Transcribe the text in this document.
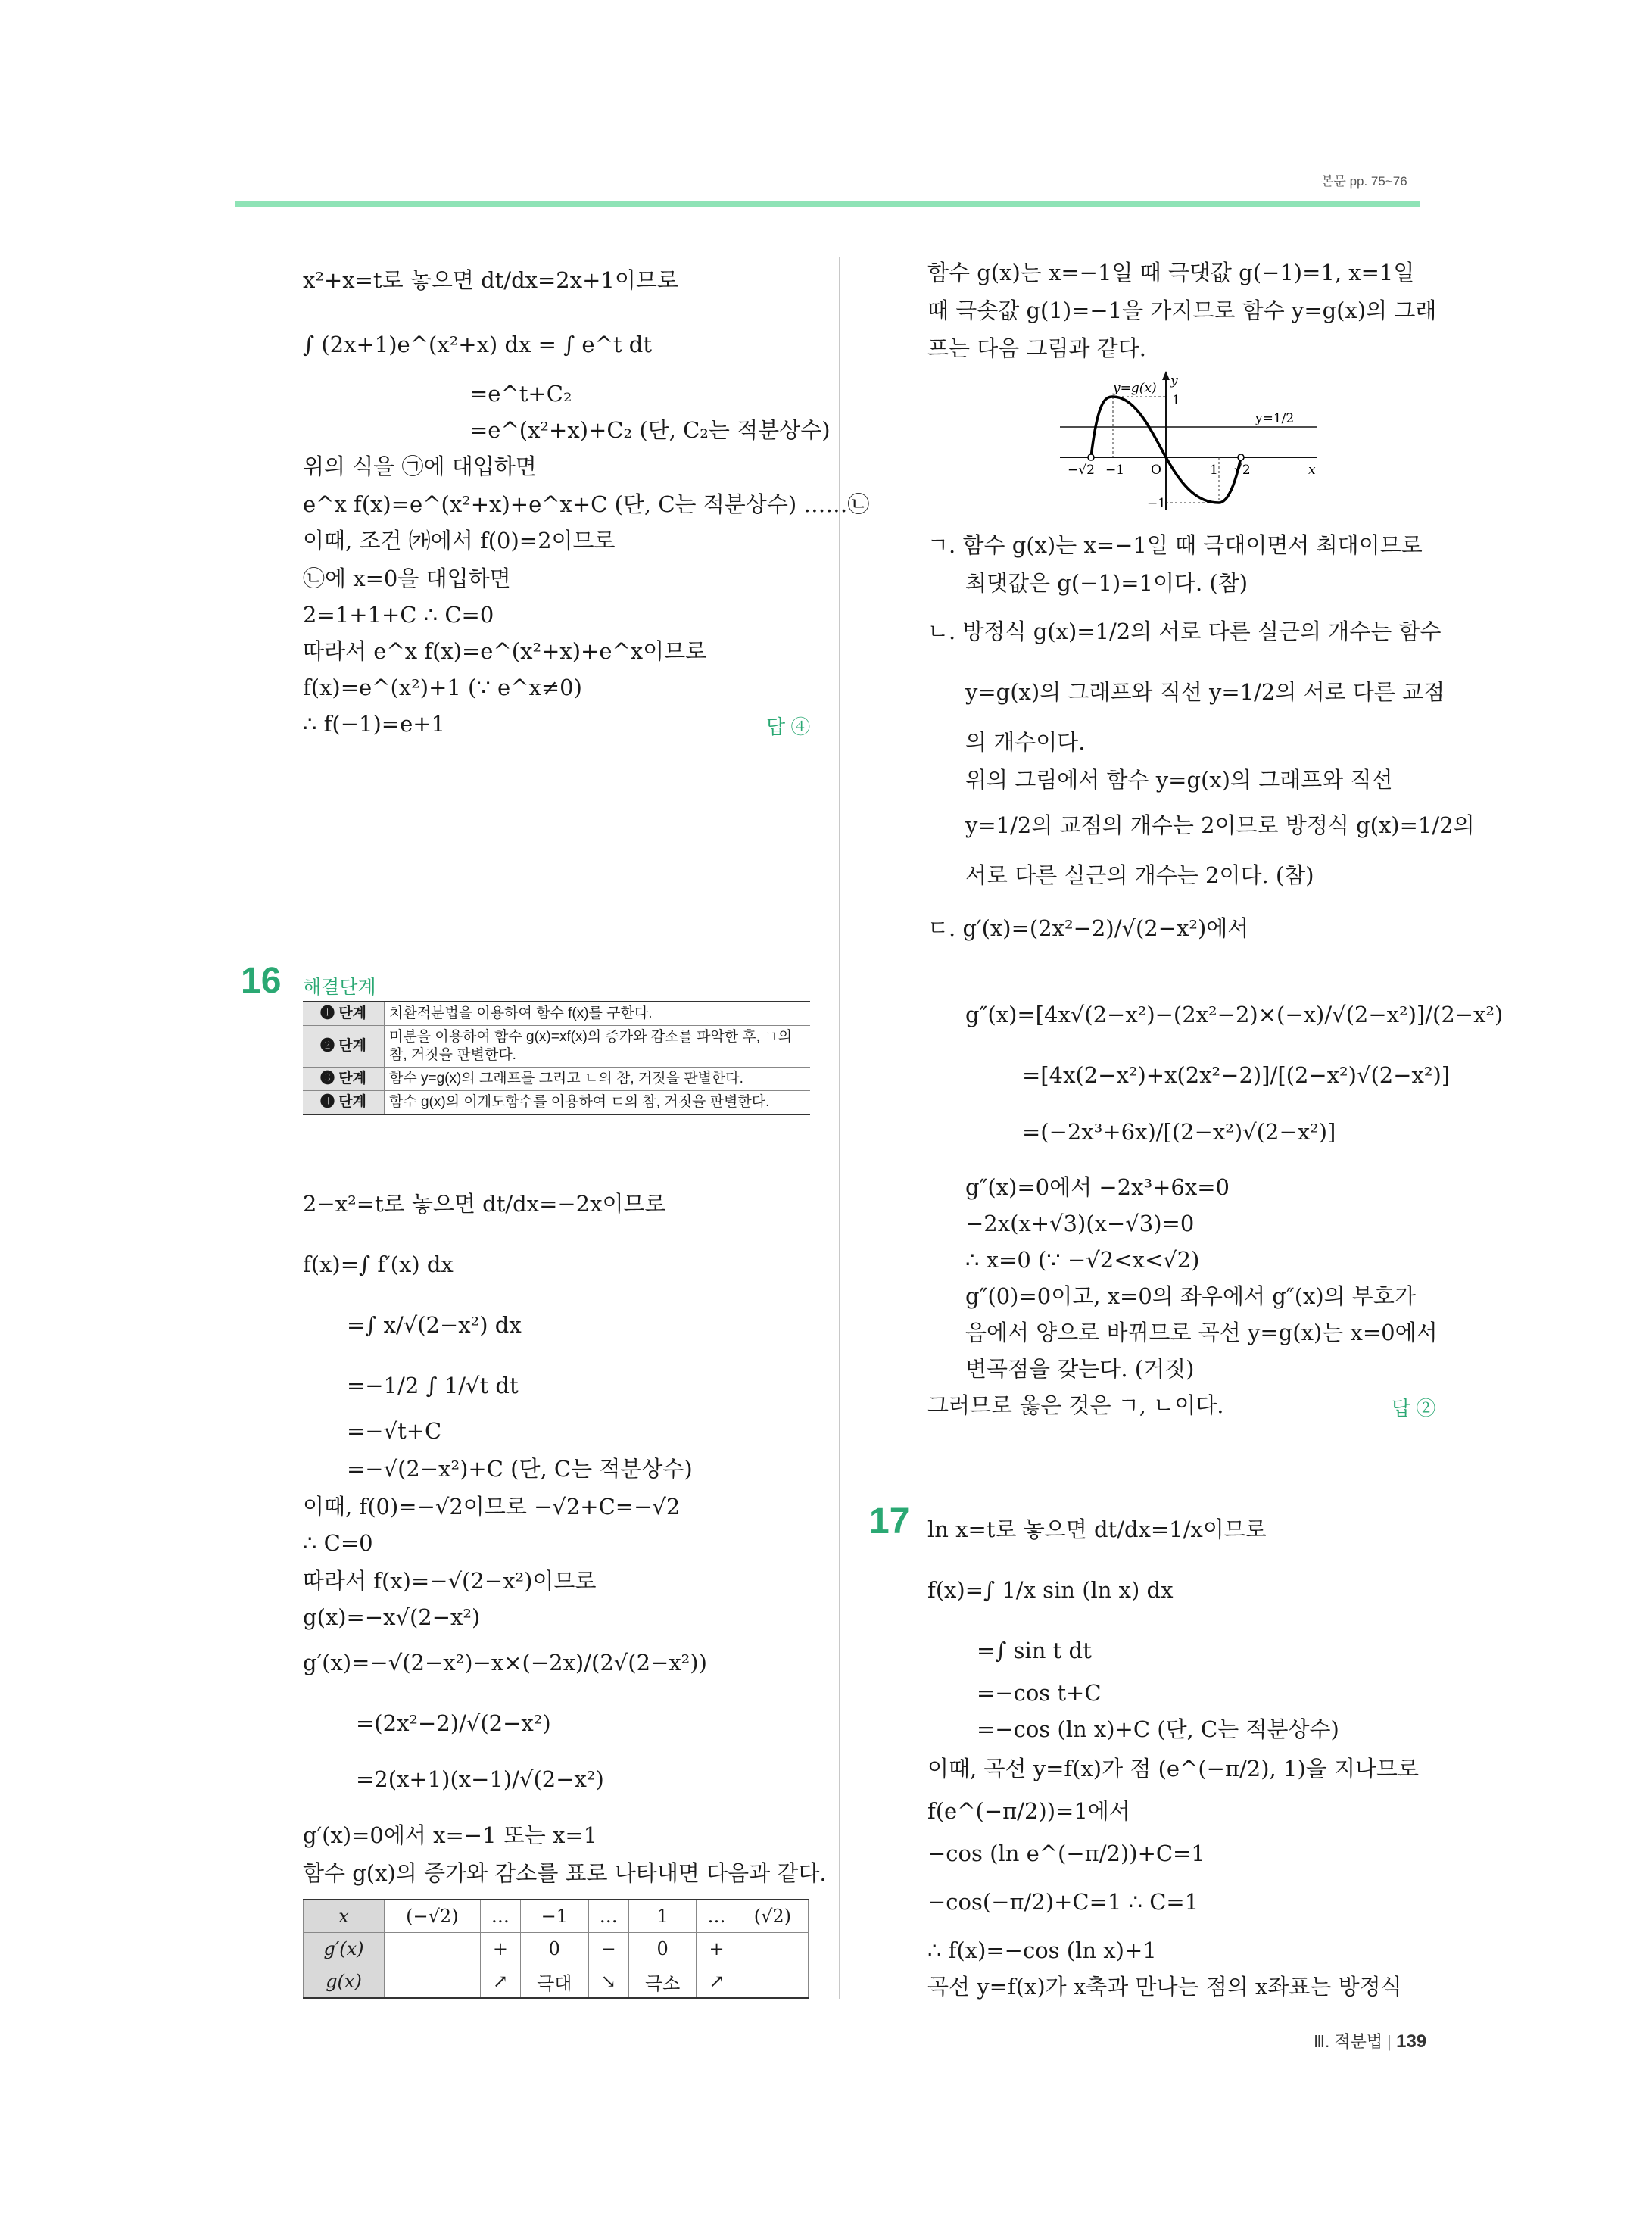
본문 pp. 75~76
x²+x=t로 놓으면 dt/dx=2x+1이므로
∫ (2x+1)e^(x²+x) dx = ∫ e^t dt
=e^t+C₂
=e^(x²+x)+C₂ (단, C₂는 적분상수)
위의 식을 ㉠에 대입하면
e^x f(x)=e^(x²+x)+e^x+C (단, C는 적분상수) ……㉡
이때, 조건 ㈎에서 f(0)=2이므로
㉡에 x=0을 대입하면
2=1+1+C ∴ C=0
따라서 e^x f(x)=e^(x²+x)+e^x이므로
f(x)=e^(x²)+1 (∵ e^x≠0)
∴ f(−1)=e+1	답 ④
16 해결단계
❶ 단계	치환적분법을 이용하여 함수 f(x)를 구한다.
❷ 단계	미분을 이용하여 함수 g(x)=xf(x)의 증가와 감소를 파악한 후, ㄱ의 참, 거짓을 판별한다.
❸ 단계	함수 y=g(x)의 그래프를 그리고 ㄴ의 참, 거짓을 판별한다.
❹ 단계	함수 g(x)의 이계도함수를 이용하여 ㄷ의 참, 거짓을 판별한다.
2−x²=t로 놓으면 dt/dx=−2x이므로
f(x)=∫ f′(x) dx
=∫ x/√(2−x²) dx
=−1/2 ∫ 1/√t dt
=−√t+C
=−√(2−x²)+C (단, C는 적분상수)
이때, f(0)=−√2이므로 −√2+C=−√2
∴ C=0
따라서 f(x)=−√(2−x²)이므로
g(x)=−x√(2−x²)
g′(x)=−√(2−x²)−x×(−2x)/(2√(2−x²))
=(2x²−2)/√(2−x²)
=2(x+1)(x−1)/√(2−x²)
g′(x)=0에서 x=−1 또는 x=1
함수 g(x)의 증가와 감소를 표로 나타내면 다음과 같다.
x	(−√2)	…	−1	…	1	…	(√2)
g′(x)		+	0	−	0	+	
g(x)		↗	극대	↘	극소	↗	
함수 g(x)는 x=−1일 때 극댓값 g(−1)=1, x=1일
때 극솟값 g(1)=−1을 가지므로 함수 y=g(x)의 그래
프는 다음 그림과 같다.
y=g(x) y
x
y=1/2
1
−1
−√2 −1 O	1 √2
ㄱ. 함수 g(x)는 x=−1일 때 극대이면서 최대이므로
최댓값은 g(−1)=1이다. (참)
ㄴ. 방정식 g(x)=1/2의 서로 다른 실근의 개수는 함수
y=g(x)의 그래프와 직선 y=1/2의 서로 다른 교점
의 개수이다.
위의 그림에서 함수 y=g(x)의 그래프와 직선
y=1/2의 교점의 개수는 2이므로 방정식 g(x)=1/2의
서로 다른 실근의 개수는 2이다. (참)
ㄷ. g′(x)=(2x²−2)/√(2−x²)에서
g″(x)=[4x√(2−x²)−(2x²−2)×(−x)/√(2−x²)]/(2−x²)
=[4x(2−x²)+x(2x²−2)]/[(2−x²)√(2−x²)]
=(−2x³+6x)/[(2−x²)√(2−x²)]
g″(x)=0에서 −2x³+6x=0
−2x(x+√3)(x−√3)=0
∴ x=0 (∵ −√2<x<√2)
g″(0)=0이고, x=0의 좌우에서 g″(x)의 부호가
음에서 양으로 바뀌므로 곡선 y=g(x)는 x=0에서
변곡점을 갖는다. (거짓)
그러므로 옳은 것은 ㄱ, ㄴ이다.	답 ②
17 ln x=t로 놓으면 dt/dx=1/x이므로
f(x)=∫ 1/x sin (ln x) dx
=∫ sin t dt
=−cos t+C
=−cos (ln x)+C (단, C는 적분상수)
이때, 곡선 y=f(x)가 점 (e^(−π/2), 1)을 지나므로
f(e^(−π/2))=1에서
−cos (ln e^(−π/2))+C=1
−cos(−π/2)+C=1 ∴ C=1
∴ f(x)=−cos (ln x)+1
곡선 y=f(x)가 x축과 만나는 점의 x좌표는 방정식
Ⅲ. 적분법 | 139
